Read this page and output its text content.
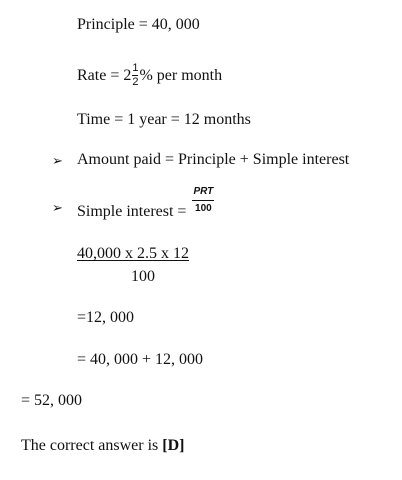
Principle = 40, 000
Rate = $2 \frac{1}{2}$ % per month
Time = 1 year = 12 months
➢ Amount paid = Principle + Simple interest
➢ Simple interest = $\frac{\text{PRT}}{100}$
40,000 x 2.5 x 12
100
=12, 000
= 40, 000 + 12, 000
= 52, 000
The correct answer is [D]
